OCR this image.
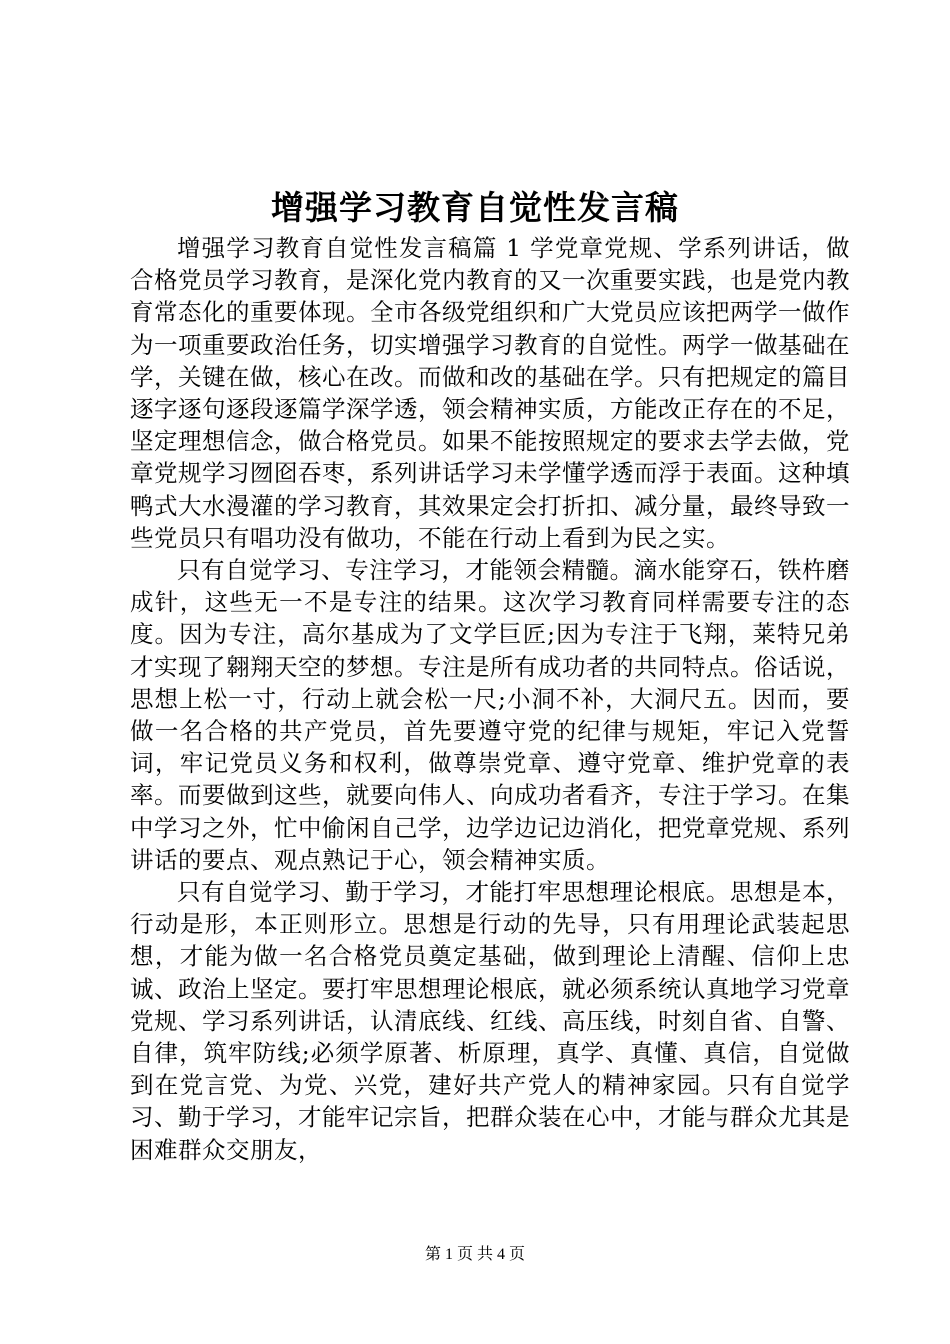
增强学习教育自觉性发言稿

增强学习教育自觉性发言稿篇 1 学党章党规、学系列讲话，做合格党员学习教育，是深化党内教育的又一次重要实践，也是党内教育常态化的重要体现。全市各级党组织和广大党员应该把两学一做作为一项重要政治任务，切实增强学习教育的自觉性。两学一做基础在学，关键在做，核心在改。而做和改的基础在学。只有把规定的篇目逐字逐句逐段逐篇学深学透，领会精神实质，方能改正存在的不足，坚定理想信念，做合格党员。如果不能按照规定的要求去学去做，党章党规学习囫囵吞枣，系列讲话学习未学懂学透而浮于表面。这种填鸭式大水漫灌的学习教育，其效果定会打折扣、减分量，最终导致一些党员只有唱功没有做功，不能在行动上看到为民之实。

只有自觉学习、专注学习，才能领会精髓。滴水能穿石，铁杵磨成针，这些无一不是专注的结果。这次学习教育同样需要专注的态度。因为专注，高尔基成为了文学巨匠;因为专注于飞翔，莱特兄弟才实现了翱翔天空的梦想。专注是所有成功者的共同特点。俗话说，思想上松一寸，行动上就会松一尺;小洞不补，大洞尺五。因而，要做一名合格的共产党员，首先要遵守党的纪律与规矩，牢记入党誓词，牢记党员义务和权利，做尊崇党章、遵守党章、维护党章的表率。而要做到这些，就要向伟人、向成功者看齐，专注于学习。在集中学习之外，忙中偷闲自己学，边学边记边消化，把党章党规、系列讲话的要点、观点熟记于心，领会精神实质。

只有自觉学习、勤于学习，才能打牢思想理论根底。思想是本，行动是形，本正则形立。思想是行动的先导，只有用理论武装起思想，才能为做一名合格党员奠定基础，做到理论上清醒、信仰上忠诚、政治上坚定。要打牢思想理论根底，就必须系统认真地学习党章党规、学习系列讲话，认清底线、红线、高压线，时刻自省、自警、自律，筑牢防线;必须学原著、析原理，真学、真懂、真信，自觉做到在党言党、为党、兴党，建好共产党人的精神家园。只有自觉学习、勤于学习，才能牢记宗旨，把群众装在心中，才能与群众尤其是困难群众交朋友，

第 1 页 共 4 页
